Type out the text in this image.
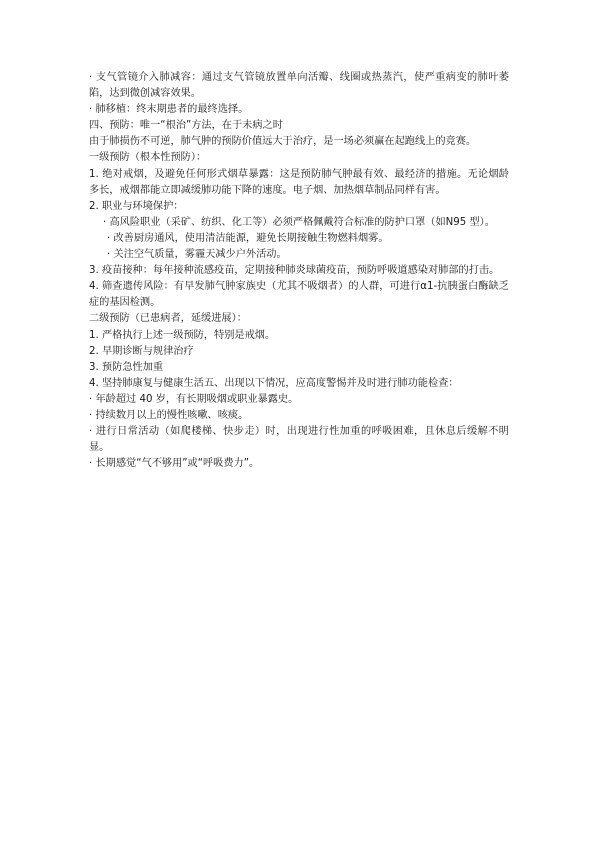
· 支气管镜介入肺减容：通过支气管镜放置单向活瓣、线圈或热蒸汽，使严重病变的肺叶萎陷，达到微创减容效果。

· 肺移植：终末期患者的最终选择。

四、预防：唯一“根治”方法，在于未病之时

由于肺损伤不可逆，肺气肿的预防价值远大于治疗，是一场必须赢在起跑线上的竞赛。

一级预防（根本性预防）：

1. 绝对戒烟，及避免任何形式烟草暴露：这是预防肺气肿最有效、最经济的措施。无论烟龄多长，戒烟都能立即减缓肺功能下降的速度。电子烟、加热烟草制品同样有害。

2. 职业与环境保护：

· 高风险职业（采矿、纺织、化工等）必须严格佩戴符合标准的防护口罩（如N95 型）。

· 改善厨房通风，使用清洁能源，避免长期接触生物燃料烟雾。

· 关注空气质量，雾霾天减少户外活动。

3. 疫苗接种：每年接种流感疫苗，定期接种肺炎球菌疫苗，预防呼吸道感染对肺部的打击。

4. 筛查遗传风险：有早发肺气肿家族史（尤其不吸烟者）的人群，可进行α1-抗胰蛋白酶缺乏症的基因检测。

二级预防（已患病者，延缓进展）：

1. 严格执行上述一级预防，特别是戒烟。

2. 早期诊断与规律治疗

3. 预防急性加重

4. 坚持肺康复与健康生活五、出现以下情况，应高度警惕并及时进行肺功能检查：

· 年龄超过 40 岁，有长期吸烟或职业暴露史。

· 持续数月以上的慢性咳嗽、咳痰。

· 进行日常活动（如爬楼梯、快步走）时，出现进行性加重的呼吸困难，且休息后缓解不明显。

· 长期感觉“气不够用”或“呼吸费力”。
